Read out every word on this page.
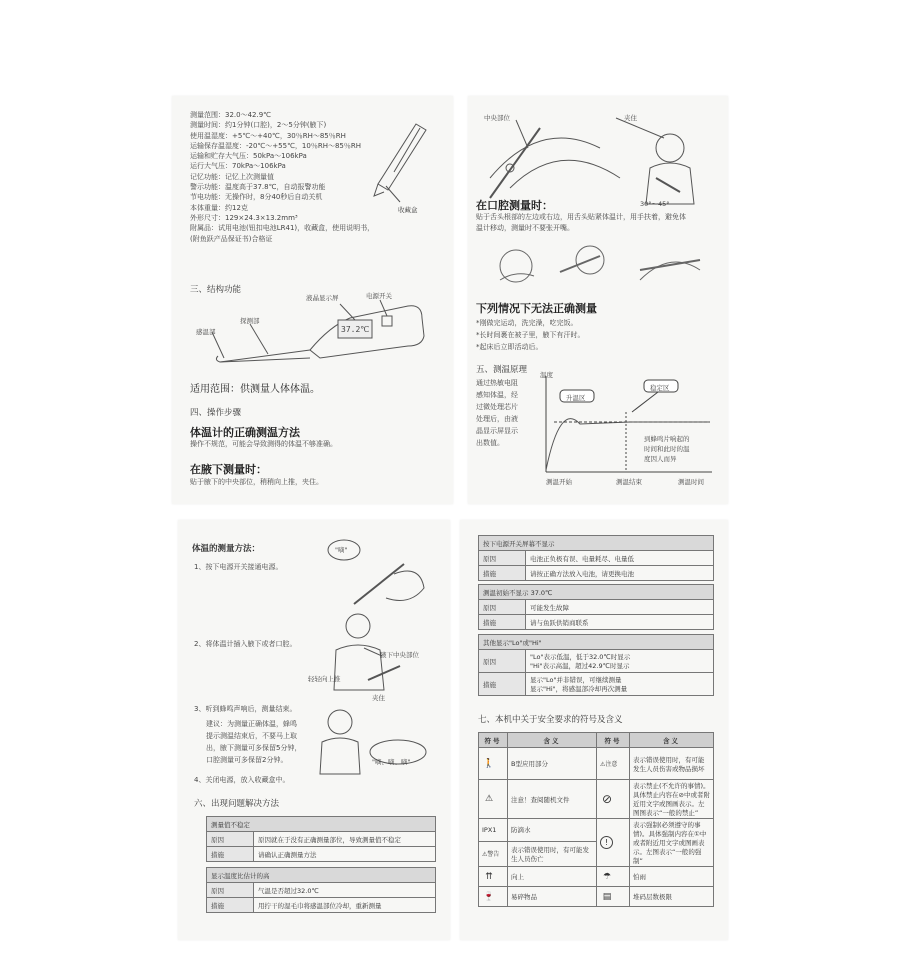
测量范围：32.0～42.9℃
测量时间：约1分钟(口腔)，2～5分钟(腋下)
使用温湿度：+5℃～+40℃，30％RH～85％RH
运输保存温湿度：-20℃～+55℃，10％RH～85％RH
运输和贮存大气压：50kPa～106kPa
运行大气压：70kPa～106kPa
记忆功能：记忆上次测量值
警示功能：温度高于37.8℃，自动报警功能
节电功能：无操作时，8分40秒后自动关机
本体重量：约12克
外形尺寸：129×24.3×13.2mm³
附属品：试用电池(钮扣电池LR41)，收藏盒，使用说明书，
(附鱼跃产品保证书)合格证
收藏盒
三、结构功能
37.2℃
液晶显示屏	电源开关
探测部
感温部
适用范围：供测量人体体温。
四、操作步骤
体温计的正确测温方法
操作不规范，可能会导致测得的体温不够准确。
在腋下测量时：
贴于腋下的中央部位，稍稍向上推，夹住。
中央部位	夹住
30°～45°
在口腔测量时：
贴于舌头根部的左边或右边，用舌头贴紧体温计，用手扶着，避免体
温计移动，测量时不要张开嘴。
下列情况下无法正确测量
*刚做完运动，洗完澡，吃完饭。
*长时间裹在被子里，腋下有汗时。
*起床后立即活动后。
五、测温原理
通过热敏电阻
感知体温，经
过微处理芯片
处理后，由液
晶显示屏显示
出数值。
温度
升温区
稳定区
到蜂鸣片响起的
时间和此时的温
度因人而异
测温开始	测温结束	测温时间
体温的测量方法：	"嘀"
1、按下电源开关接通电源。
2、将体温计插入腋下或者口腔。
腋下中央部位
轻轻向上推
夹住
3、听到蜂鸣声响后，测量结束。
建议：为测量正确体温，蜂鸣
提示测温结束后，不要马上取
出，腋下测量可多保留5分钟，
口腔测量可多保留2分钟。	"嘀、嘀、嘀"
4、关闭电源，放入收藏盒中。
六、出现问题解决方法
测量值不稳定	
原因	原因就在于没有正确测量部位，导致测量值不稳定
措施	请确认正确测量方法
显示温度比估计的高	
原因	气温是否超过32.0℃
措施	用拧干的湿毛巾将感温部位冷却，重新测量
按下电源开关屏幕不显示	
原因	电池正负极有误、电量耗尽、电量低
措施	请按正确方法放入电池，请更换电池
测温初始不显示 37.0℃	
原因	可能发生故障
措施	请与鱼跃供销商联系
其他显示"Lo"或"Hi"	
原因	"Lo"表示低温，低于32.0℃时显示
"Hi"表示高温，超过42.9℃时显示

措施	显示"Lo"并非错误，可继续测量
显示"Hi"，将感温部冷却再次测量
七、本机中关于安全要求的符号及含义
符号	含义	符号	含义
🚶	B型应用部分	⚠注意	表示错误使用时，有可能发生人员伤害或物品损坏
⚠	注意！查阅随机文件	⊘	表示禁止(不允许的事情)。具体禁止内容在⊘中或者附近用文字或图画表示。左图图表示“一般的禁止”
IPX1	防滴水	!	表示强制(必须遵守的事情)。具体强制内容在①中或者附近用文字或图画表示。左图表示“一般的强制”
⚠警告	表示错误使用时，有可能发生人员伤亡		
⇈	向上	☂	怕雨
🍷	易碎物品	▤	堆码层数极限
